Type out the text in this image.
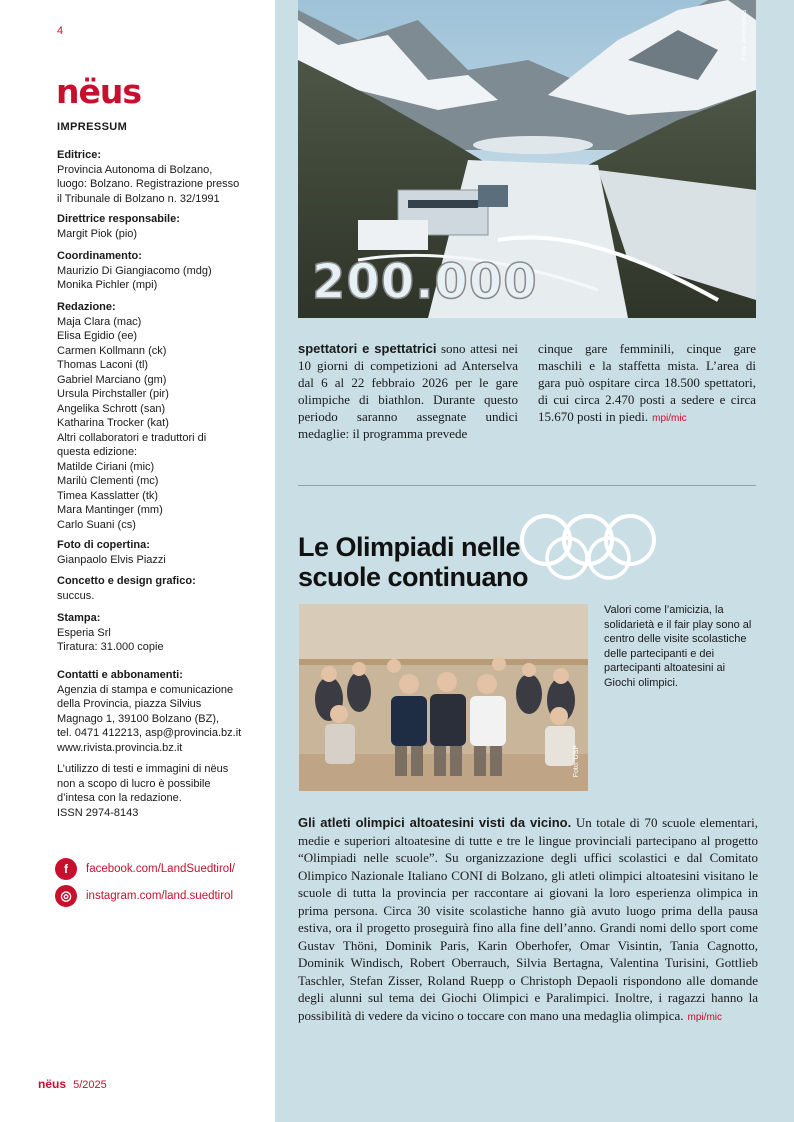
4
nëus
IMPRESSUM
Editrice:
Provincia Autonoma di Bolzano,
luogo: Bolzano. Registrazione presso
il Tribunale di Bolzano n. 32/1991
Direttrice responsabile:
Margit Piok (pio)
Coordinamento:
Maurizio Di Giangiacomo (mdg)
Monika Pichler (mpi)
Redazione:
Maja Clara (mac)
Elisa Egidio (ee)
Carmen Kollmann (ck)
Thomas Laconi (tl)
Gabriel Marciano (gm)
Ursula Pirchstaller (pir)
Angelika Schrott (san)
Katharina Trocker (kat)
Altri collaboratori e traduttori di
questa edizione:
Matilde Ciriani (mic)
Marilù Clementi (mc)
Timea Kasslatter (tk)
Mara Mantinger (mm)
Carlo Suani (cs)
Foto di copertina:
Gianpaolo Elvis Piazzi
Concetto e design grafico:
succus.
Stampa:
Esperia Srl
Tiratura: 31.000 copie
Contatti e abbonamenti:
Agenzia di stampa e comunicazione
della Provincia, piazza Silvius
Magnago 1, 39100 Bolzano (BZ),
tel. 0471 412213, asp@provincia.bz.it
www.rivista.provincia.bz.it
L’utilizzo di testi e immagini di nëus
non a scopo di lucro è possibile
d’intesa con la redazione.
ISSN 2974-8143
f	facebook.com/LandSuedtirol/
◎	instagram.com/land.suedtirol
nëus 5/2025
Foto: Anterselva
200.000
spettatori e spettatrici sono attesi nei 10 giorni di competizioni ad Anterselva dal 6 al 22 febbraio 2026 per le gare olimpiche di biathlon. Durante questo periodo saranno assegnate undici medaglie: il programma prevede
cinque gare femminili, cinque gare maschili e la staffetta mista. L’area di gara può ospitare circa 18.500 spettatori, di cui circa 2.470 posti a sedere e circa 15.670 posti in piedi. mpi/mic
Le Olimpiadi nelle
scuole continuano
Foto: USP
Valori come l’amicizia, la solidarietà e il fair play sono al centro delle visite scolastiche delle partecipanti e dei partecipanti altoatesini ai Giochi olimpici.
Gli atleti olimpici altoatesini visti da vicino. Un totale di 70 scuole elementari, medie e superiori altoatesine di tutte e tre le lingue provinciali partecipano al progetto “Olimpiadi nelle scuole”. Su organizzazione degli uffici scolastici e dal Comitato Olimpico Nazionale Italiano CONI di Bolzano, gli atleti olimpici altoatesini visitano le scuole di tutta la provincia per raccontare ai giovani la loro esperienza olimpica in prima persona. Circa 30 visite scolastiche hanno già avuto luogo prima della pausa estiva, ora il progetto proseguirà fino alla fine dell’anno. Grandi nomi dello sport come Gustav Thöni, Dominik Paris, Karin Oberhofer, Omar Visintin, Tania Cagnotto, Dominik Windisch, Robert Oberrauch, Silvia Bertagna, Valentina Turisini, Gottlieb Taschler, Stefan Zisser, Roland Ruepp o Christoph Depaoli rispondono alle domande degli alunni sul tema dei Giochi Olimpici e Paralimpici. Inoltre, i ragazzi hanno la possibilità di vedere da vicino o toccare con mano una medaglia olimpica. mpi/mic
